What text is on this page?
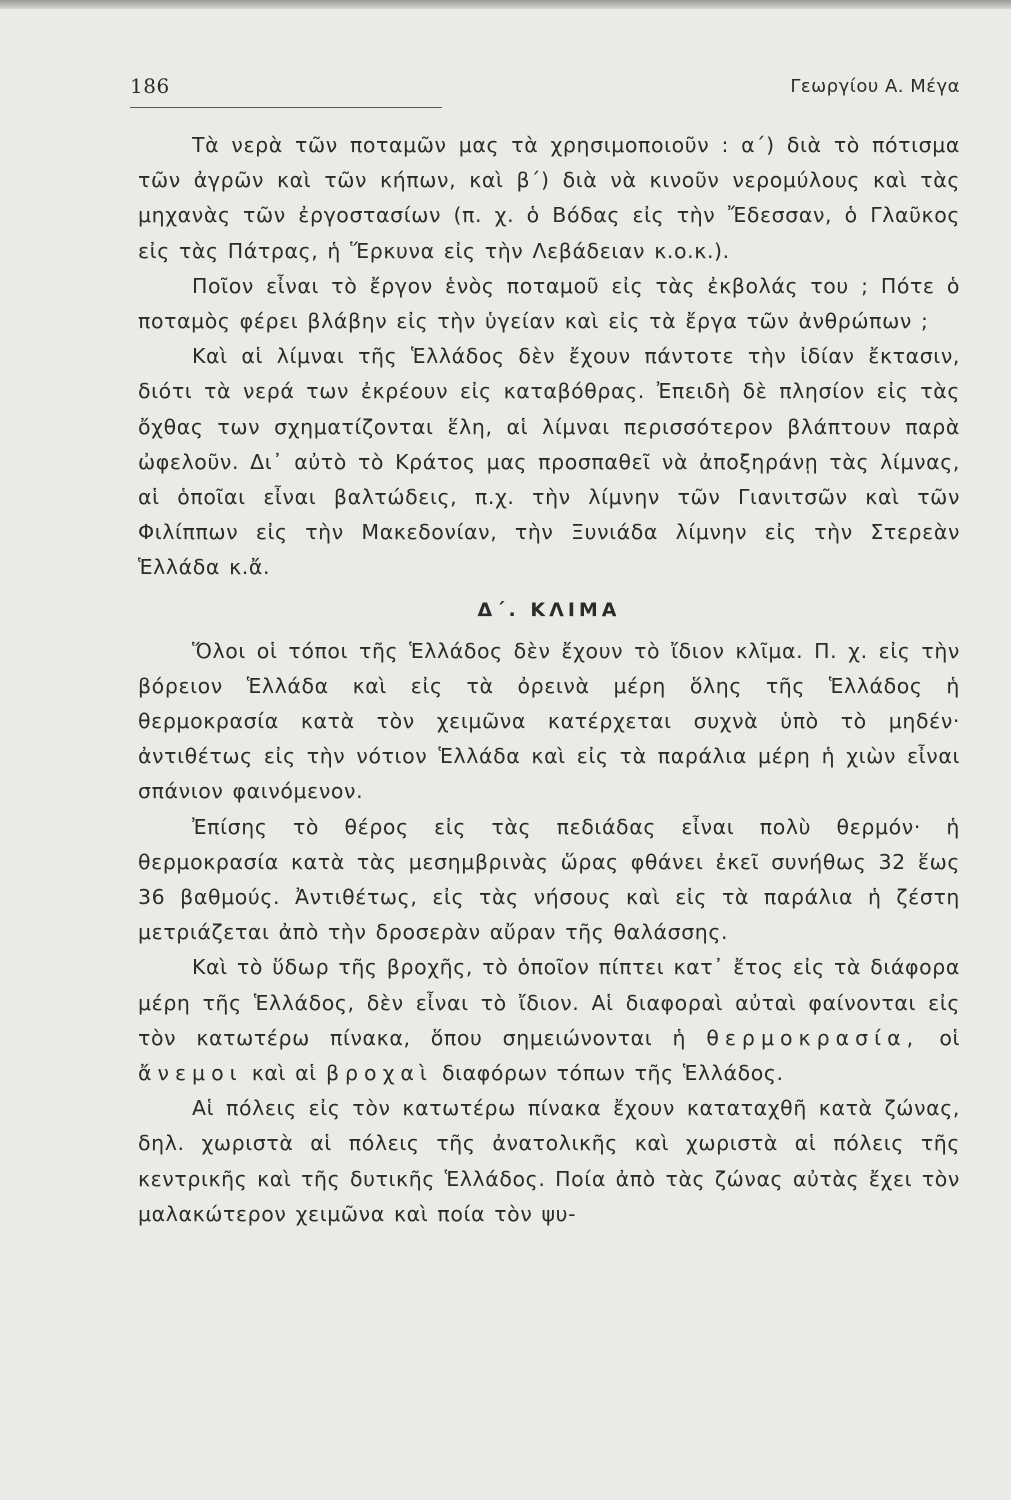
186	Γεωργίου Α. Μέγα

Τὰ νερὰ τῶν ποταμῶν μας τὰ χρησιμοποιοῦν : α΄) διὰ τὸ πότισμα τῶν ἀγρῶν καὶ τῶν κήπων, καὶ β΄) διὰ νὰ κινοῦν νερομύλους καὶ τὰς μηχανὰς τῶν ἐργοστασίων (π. χ. ὁ Βόδας εἰς τὴν Ἔδεσσαν, ὁ Γλαῦκος εἰς τὰς Πάτρας, ἡ Ἕρκυνα εἰς τὴν Λεβάδειαν κ.ο.κ.).

Ποῖον εἶναι τὸ ἔργον ἑνὸς ποταμοῦ εἰς τὰς ἐκβολάς του ; Πότε ὁ ποταμὸς φέρει βλάβην εἰς τὴν ὑγείαν καὶ εἰς τὰ ἔργα τῶν ἀνθρώπων ;

Καὶ αἱ λίμναι τῆς Ἑλλάδος δὲν ἔχουν πάντοτε τὴν ἰδίαν ἔκτασιν, διότι τὰ νερά των ἐκρέουν εἰς καταβόθρας. Ἐπειδὴ δὲ πλησίον εἰς τὰς ὄχθας των σχηματίζονται ἕλη, αἱ λίμναι περισσότερον βλάπτουν παρὰ ὠφελοῦν. Δι᾿ αὐτὸ τὸ Κράτος μας προσπαθεῖ νὰ ἀποξηράνῃ τὰς λίμνας, αἱ ὁποῖαι εἶναι βαλτώδεις, π.χ. τὴν λίμνην τῶν Γιανιτσῶν καὶ τῶν Φιλίππων εἰς τὴν Μακεδονίαν, τὴν Ξυνιάδα λίμνην εἰς τὴν Στερεὰν Ἑλλάδα κ.ἄ.

Δ΄. ΚΛΙΜΑ

Ὅλοι οἱ τόποι τῆς Ἑλλάδος δὲν ἔχουν τὸ ἴδιον κλῖμα. Π. χ. εἰς τὴν βόρειον Ἑλλάδα καὶ εἰς τὰ ὀρεινὰ μέρη ὅλης τῆς Ἑλλάδος ἡ θερμοκρασία κατὰ τὸν χειμῶνα κατέρχεται συχνὰ ὑπὸ τὸ μηδέν· ἀντιθέτως εἰς τὴν νότιον Ἑλλάδα καὶ εἰς τὰ παράλια μέρη ἡ χιὼν εἶναι σπάνιον φαινόμενον.

Ἐπίσης τὸ θέρος εἰς τὰς πεδιάδας εἶναι πολὺ θερμόν· ἡ θερμοκρασία κατὰ τὰς μεσημβρινὰς ὥρας φθάνει ἐκεῖ συνήθως 32 ἕως 36 βαθμούς. Ἀντιθέτως, εἰς τὰς νήσους καὶ εἰς τὰ παράλια ἡ ζέστη μετριάζεται ἀπὸ τὴν δροσερὰν αὔραν τῆς θαλάσσης.

Καὶ τὸ ὕδωρ τῆς βροχῆς, τὸ ὁποῖον πίπτει κατ᾿ ἔτος εἰς τὰ διάφορα μέρη τῆς Ἑλλάδος, δὲν εἶναι τὸ ἴδιον. Αἱ διαφοραὶ αὐταὶ φαίνονται εἰς τὸν κατωτέρω πίνακα, ὅπου σημειώνονται ἡ θερμοκρασία, οἱ ἄνεμοι καὶ αἱ βροχαὶ διαφόρων τόπων τῆς Ἑλλάδος.

Αἱ πόλεις εἰς τὸν κατωτέρω πίνακα ἔχουν καταταχθῆ κατὰ ζώνας, δηλ. χωριστὰ αἱ πόλεις τῆς ἀνατολικῆς καὶ χωριστὰ αἱ πόλεις τῆς κεντρικῆς καὶ τῆς δυτικῆς Ἑλλάδος. Ποία ἀπὸ τὰς ζώνας αὐτὰς ἔχει τὸν μαλακώτερον χειμῶνα καὶ ποία τὸν ψυ-
